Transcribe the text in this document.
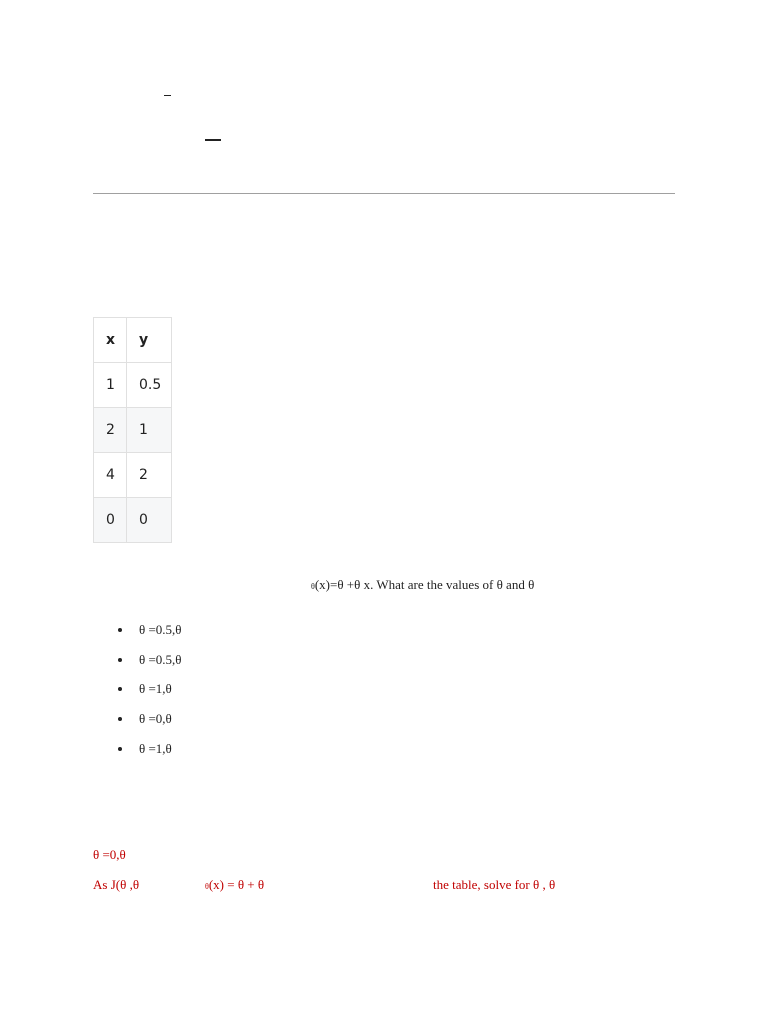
x	y
1	0.5
2	1
4	2
0	0
θ(x)=θ +θ x. What are the values of θ and θ
θ =0.5,θ
θ =0.5,θ
θ =1,θ
θ =0,θ
θ =1,θ
θ =0,θ
As J(θ ,θ	θ(x) = θ + θ	the table, solve for θ , θ
